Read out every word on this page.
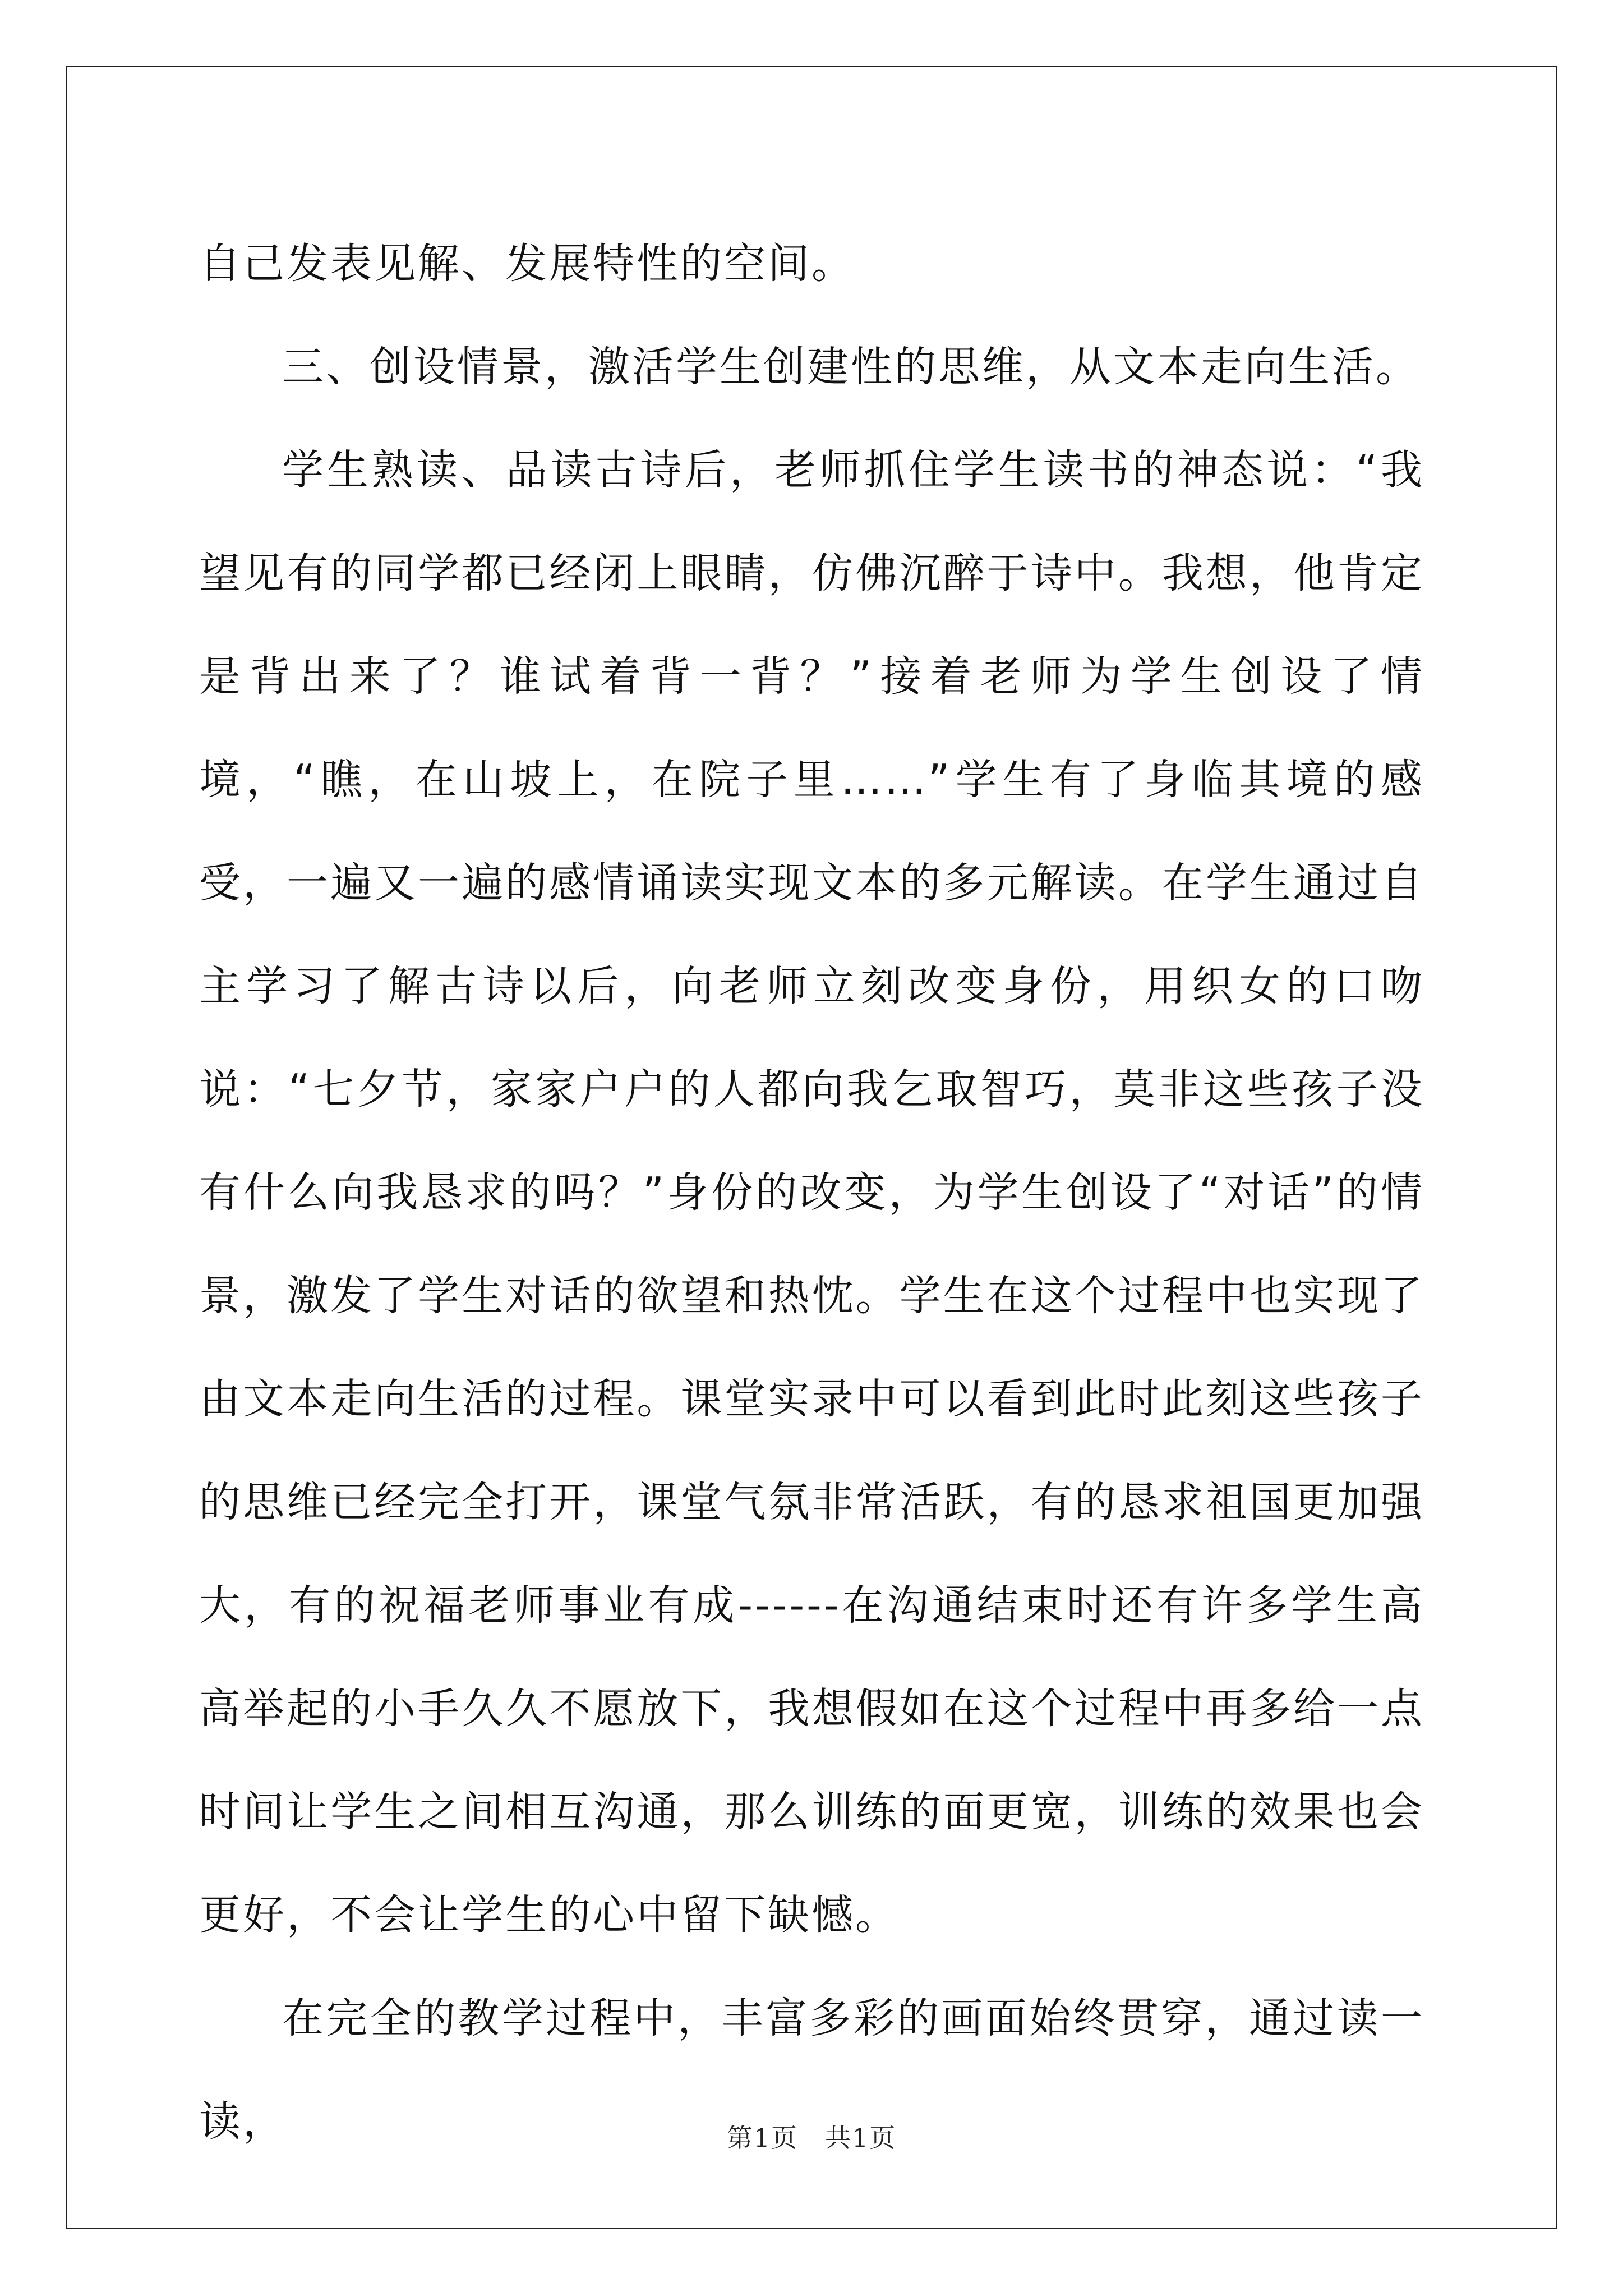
自己发表见解、发展特性的空间。

三、创设情景，激活学生创建性的思维，从文本走向生活。

学生熟读、品读古诗后，老师抓住学生读书的神态说：“我望见有的同学都已经闭上眼睛，仿佛沉醉于诗中。我想，他肯定是背出来了？谁试着背一背？”接着老师为学生创设了情境，“瞧，在山坡上，在院子里……”学生有了身临其境的感受，一遍又一遍的感情诵读实现文本的多元解读。在学生通过自主学习了解古诗以后，向老师立刻改变身份，用织女的口吻说：“七夕节，家家户户的人都向我乞取智巧，莫非这些孩子没有什么向我恳求的吗？”身份的改变，为学生创设了“对话”的情景，激发了学生对话的欲望和热忱。学生在这个过程中也实现了由文本走向生活的过程。课堂实录中可以看到此时此刻这些孩子的思维已经完全打开，课堂气氛非常活跃，有的恳求祖国更加强大，有的祝福老师事业有成------在沟通结束时还有许多学生高高举起的小手久久不愿放下，我想假如在这个过程中再多给一点时间让学生之间相互沟通，那么训练的面更宽，训练的效果也会更好，不会让学生的心中留下缺憾。

在完全的教学过程中，丰富多彩的画面始终贯穿，通过读一读，	第1页　共1页
